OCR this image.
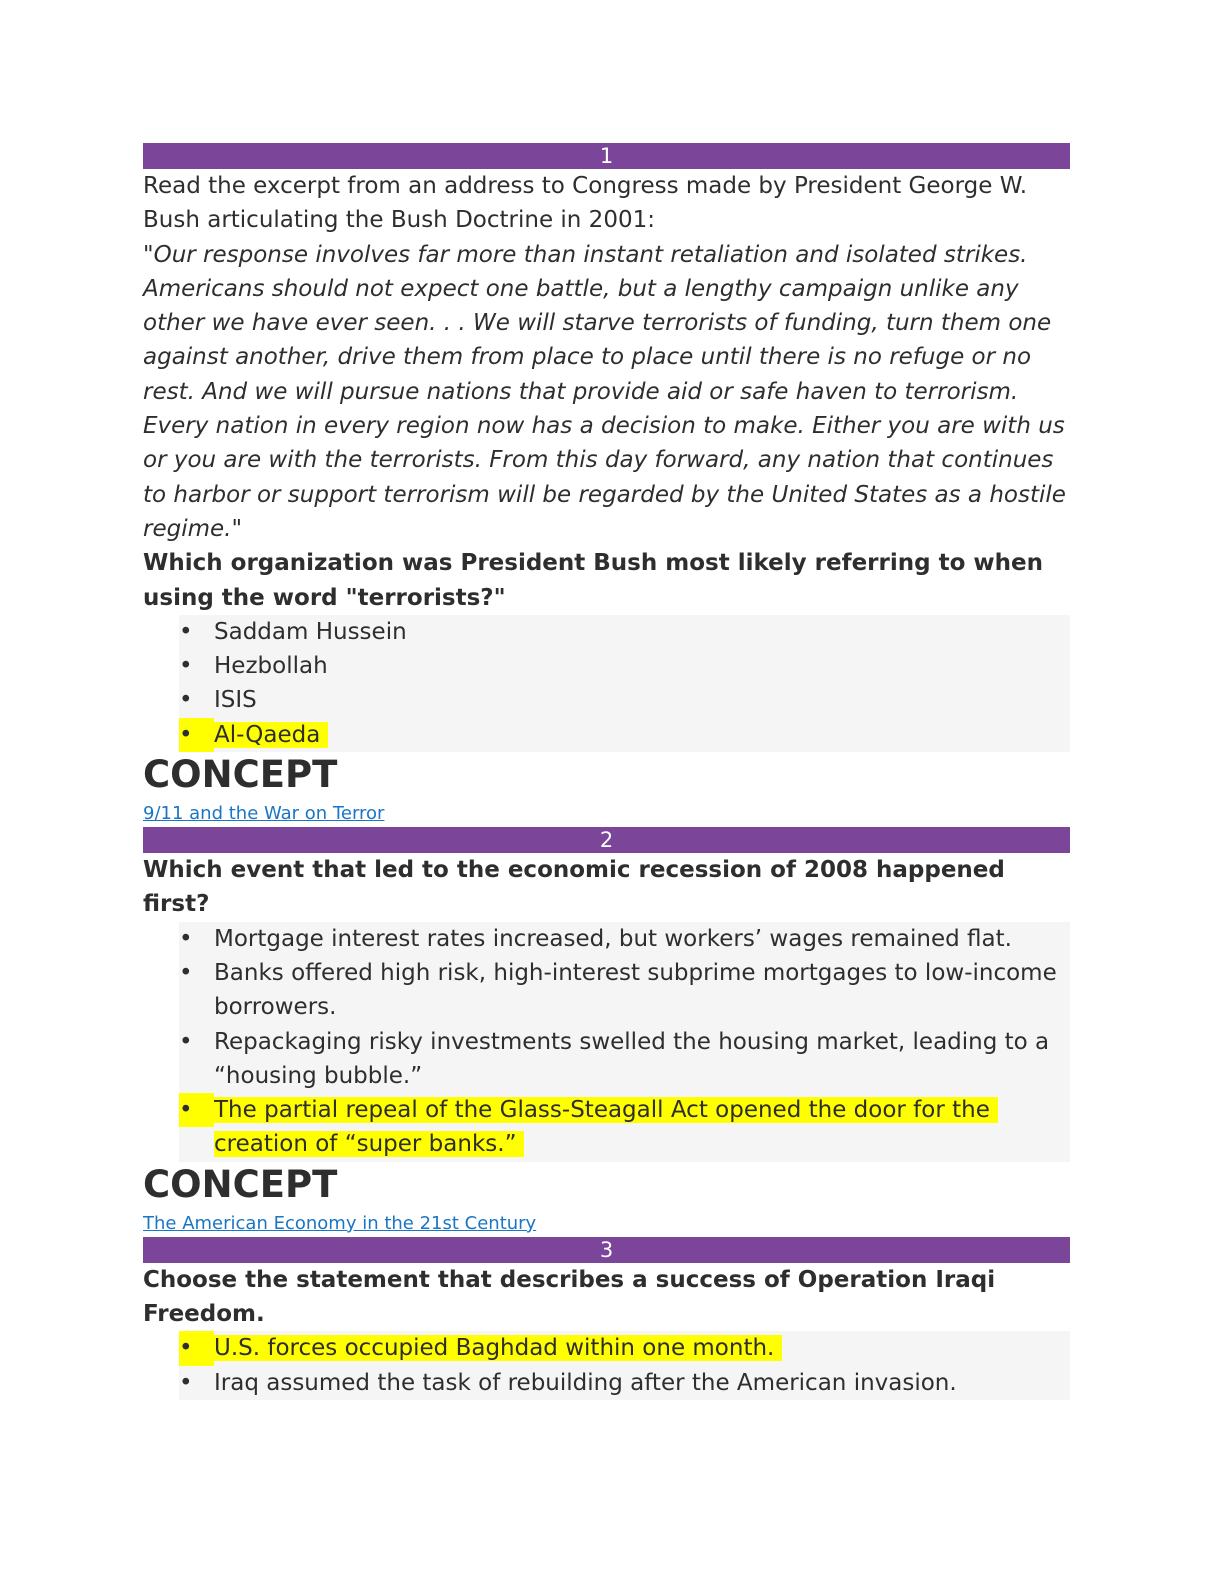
1

Read the excerpt from an address to Congress made by President George W. Bush articulating the Bush Doctrine in 2001:

"Our response involves far more than instant retaliation and isolated strikes. Americans should not expect one battle, but a lengthy campaign unlike any other we have ever seen. . . We will starve terrorists of funding, turn them one against another, drive them from place to place until there is no refuge or no rest. And we will pursue nations that provide aid or safe haven to terrorism. Every nation in every region now has a decision to make. Either you are with us or you are with the terrorists. From this day forward, any nation that continues to harbor or support terrorism will be regarded by the United States as a hostile regime."

Which organization was President Bush most likely referring to when using the word "terrorists?"

• Saddam Hussein
• Hezbollah
• ISIS
• Al-Qaeda
CONCEPT
9/11 and the War on Terror
2

Which event that led to the economic recession of 2008 happened first?

• Mortgage interest rates increased, but workers’ wages remained flat.
• Banks offered high risk, high-interest subprime mortgages to low-income borrowers.
• Repackaging risky investments swelled the housing market, leading to a “housing bubble.”
• The partial repeal of the Glass-Steagall Act opened the door for the creation of “super banks.”
CONCEPT
The American Economy in the 21st Century
3

Choose the statement that describes a success of Operation Iraqi Freedom.

• U.S. forces occupied Baghdad within one month.
• Iraq assumed the task of rebuilding after the American invasion.
